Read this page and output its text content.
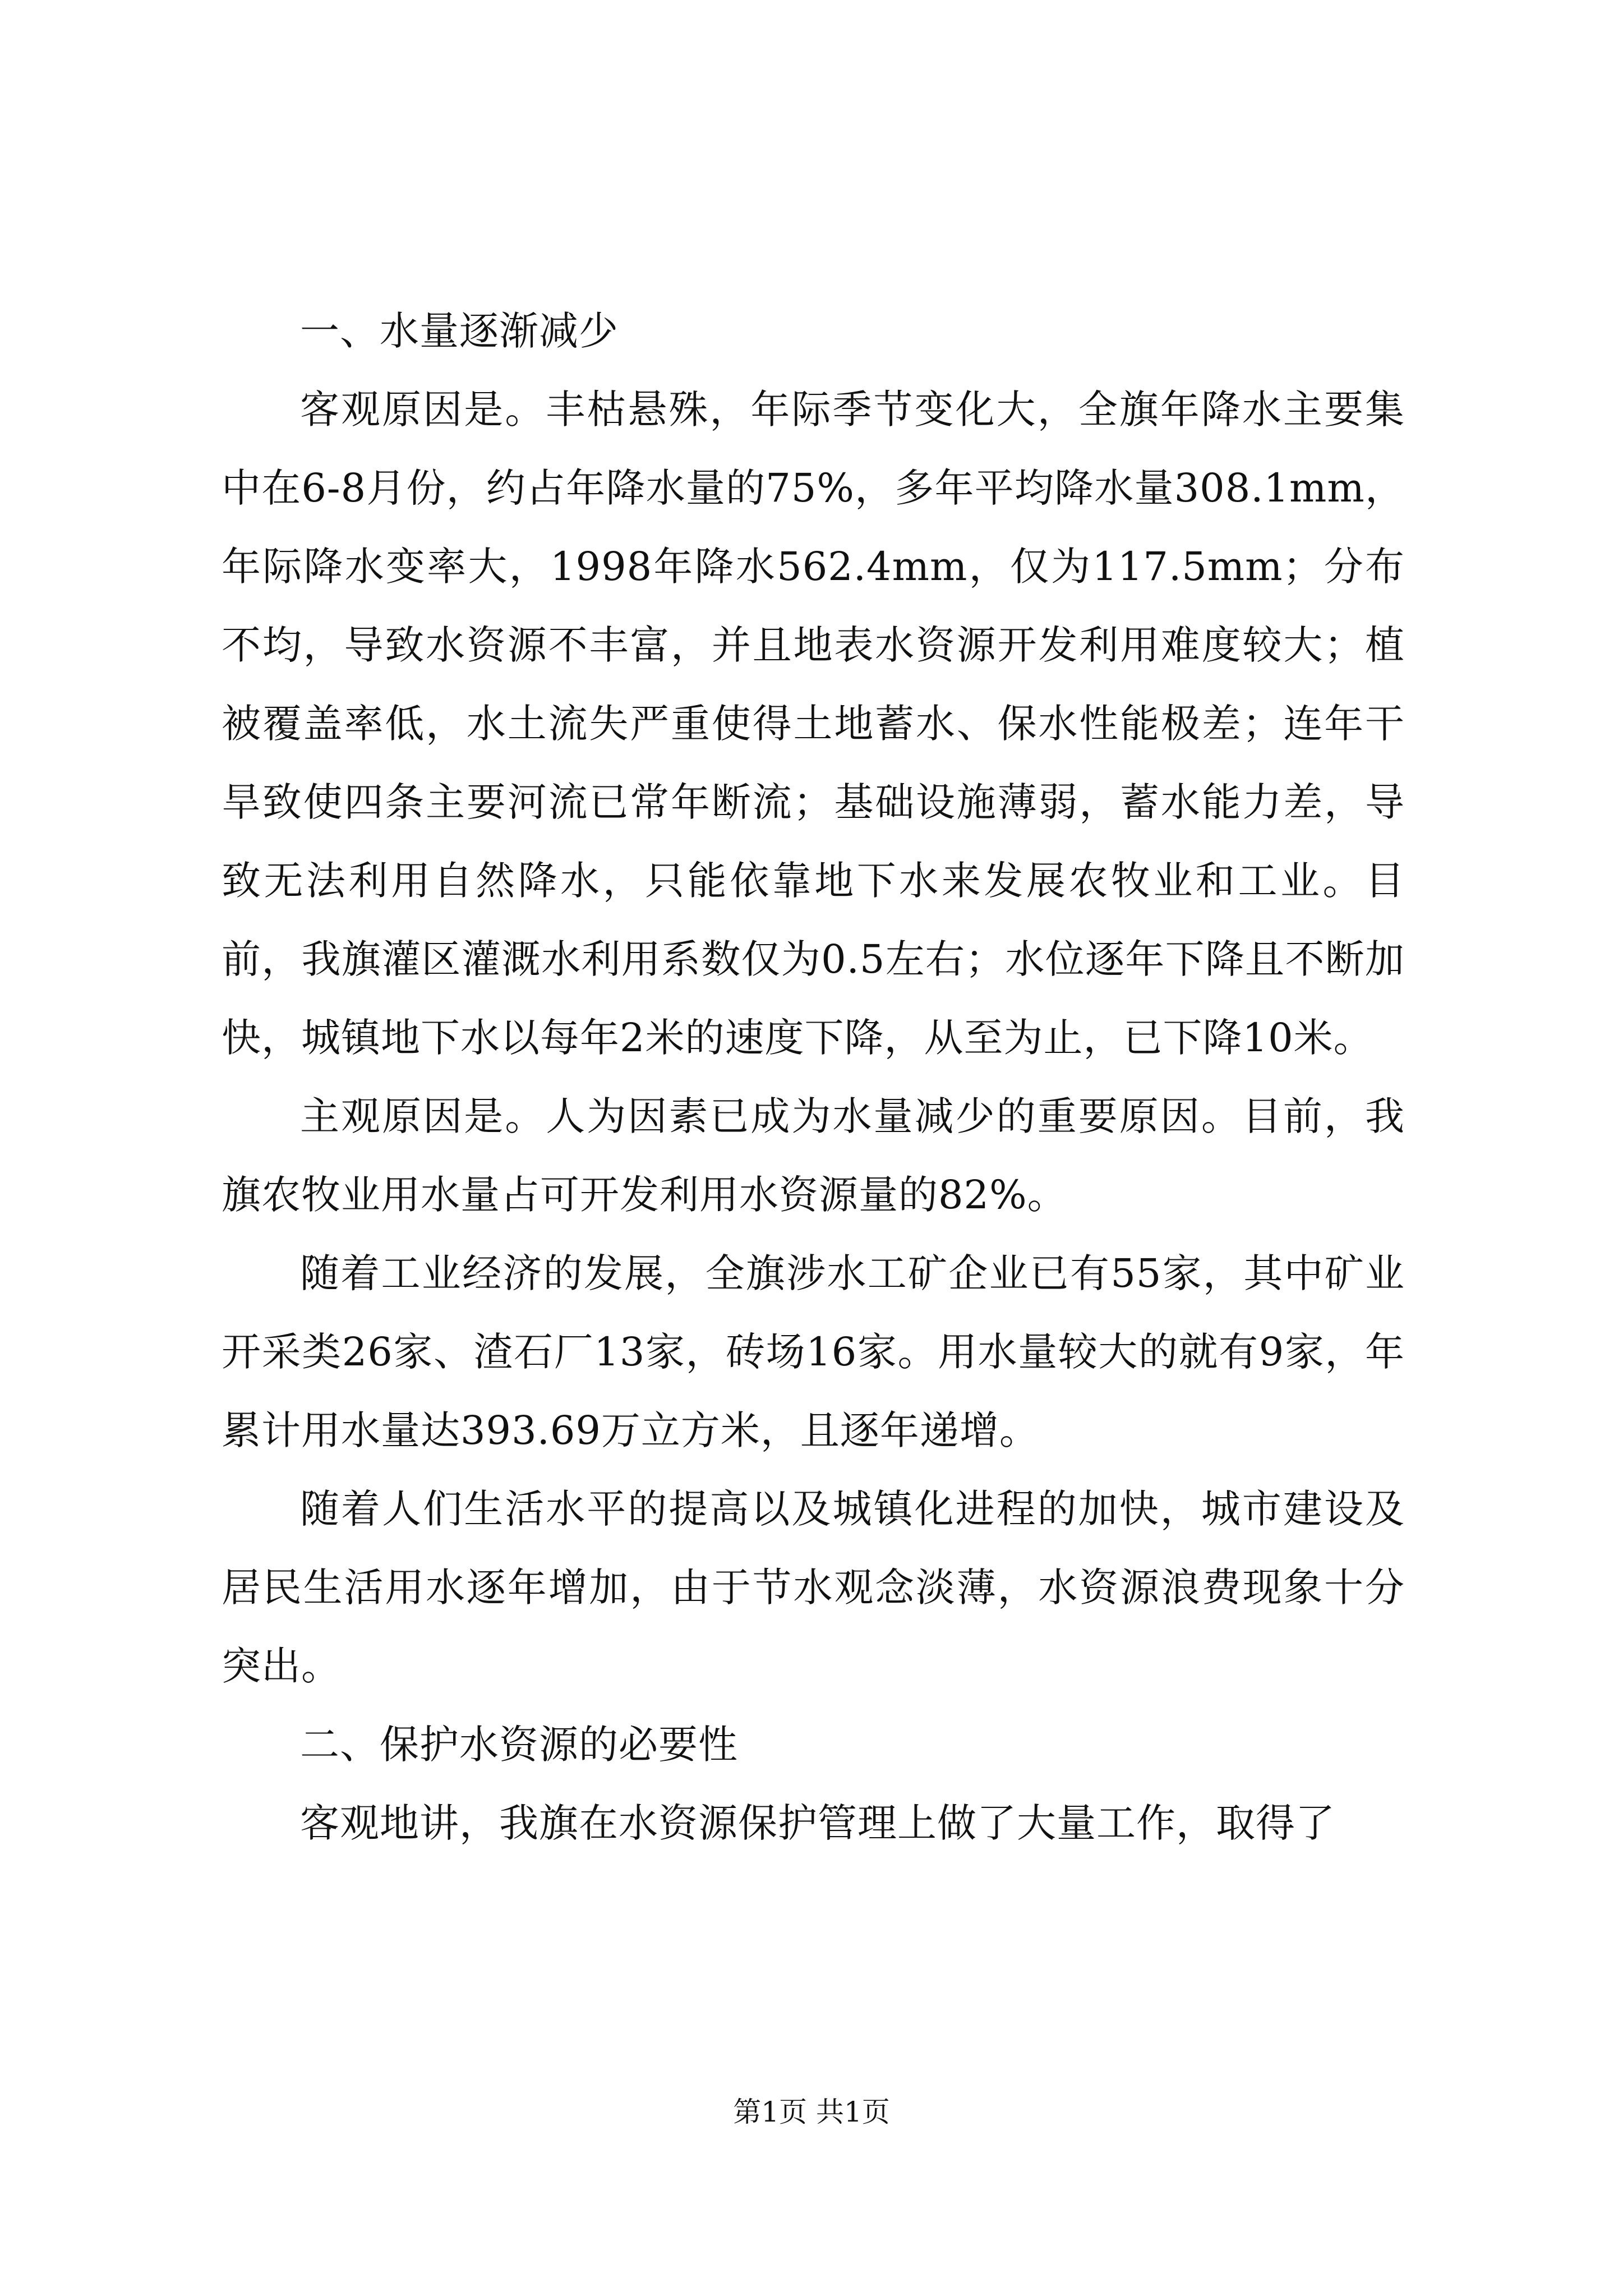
一、水量逐渐减少

客观原因是。丰枯悬殊，年际季节变化大，全旗年降水主要集中在6-8月份，约占年降水量的75%，多年平均降水量308.1mm，年际降水变率大，1998年降水562.4mm，仅为117.5mm；分布不均，导致水资源不丰富，并且地表水资源开发利用难度较大；植被覆盖率低，水土流失严重使得土地蓄水、保水性能极差；连年干旱致使四条主要河流已常年断流；基础设施薄弱，蓄水能力差，导致无法利用自然降水，只能依靠地下水来发展农牧业和工业。目前，我旗灌区灌溉水利用系数仅为0.5左右；水位逐年下降且不断加快，城镇地下水以每年2米的速度下降，从至为止，已下降10米。

主观原因是。人为因素已成为水量减少的重要原因。目前，我旗农牧业用水量占可开发利用水资源量的82%。

随着工业经济的发展，全旗涉水工矿企业已有55家，其中矿业开采类26家、渣石厂13家，砖场16家。用水量较大的就有9家，年累计用水量达393.69万立方米，且逐年递增。

随着人们生活水平的提高以及城镇化进程的加快，城市建设及居民生活用水逐年增加，由于节水观念淡薄，水资源浪费现象十分突出。

二、保护水资源的必要性

客观地讲，我旗在水资源保护管理上做了大量工作，取得了

第1页 共1页
